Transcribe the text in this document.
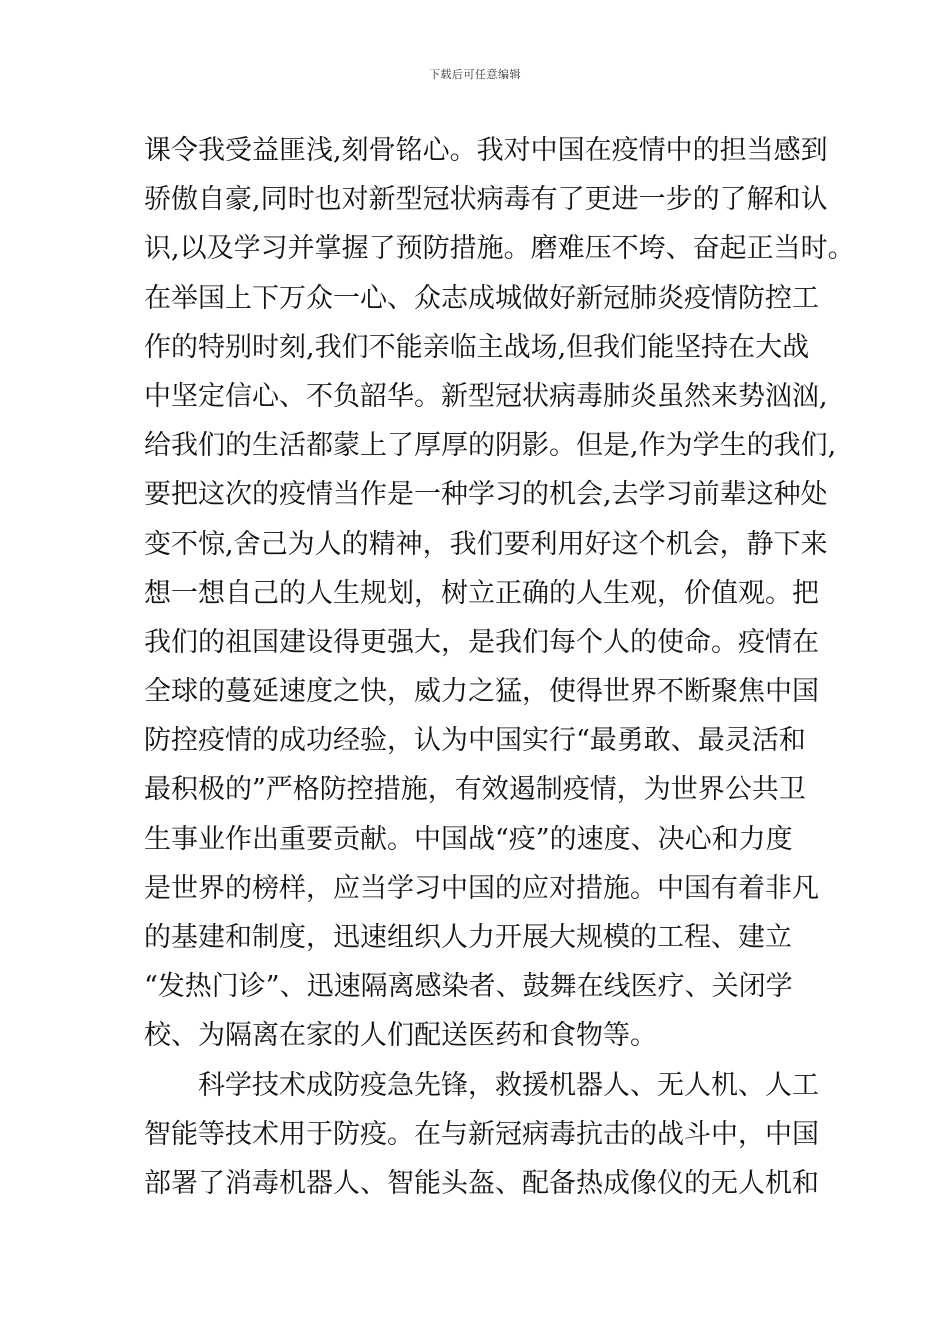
下载后可任意编辑
课令我受益匪浅,刻骨铭心。我对中国在疫情中的担当感到
骄傲自豪,同时也对新型冠状病毒有了更进一步的了解和认
识,以及学习并掌握了预防措施。磨难压不垮、奋起正当时。
在举国上下万众一心、众志成城做好新冠肺炎疫情防控工
作的特别时刻,我们不能亲临主战场,但我们能坚持在大战
中坚定信心、不负韶华。新型冠状病毒肺炎虽然来势汹汹,
给我们的生活都蒙上了厚厚的阴影。但是,作为学生的我们,
要把这次的疫情当作是一种学习的机会,去学习前辈这种处
变不惊,舍己为人的精神，我们要利用好这个机会，静下来
想一想自己的人生规划，树立正确的人生观，价值观。把
我们的祖国建设得更强大，是我们每个人的使命。疫情在
全球的蔓延速度之快，威力之猛，使得世界不断聚焦中国
防控疫情的成功经验，认为中国实行“最勇敢、最灵活和
最积极的”严格防控措施，有效遏制疫情，为世界公共卫
生事业作出重要贡献。中国战“疫”的速度、决心和力度
是世界的榜样，应当学习中国的应对措施。中国有着非凡
的基建和制度，迅速组织人力开展大规模的工程、建立
“发热门诊”、迅速隔离感染者、鼓舞在线医疗、关闭学
校、为隔离在家的人们配送医药和食物等。
科学技术成防疫急先锋，救援机器人、无人机、人工
智能等技术用于防疫。在与新冠病毒抗击的战斗中，中国
部署了消毒机器人、智能头盔、配备热成像仪的无人机和
